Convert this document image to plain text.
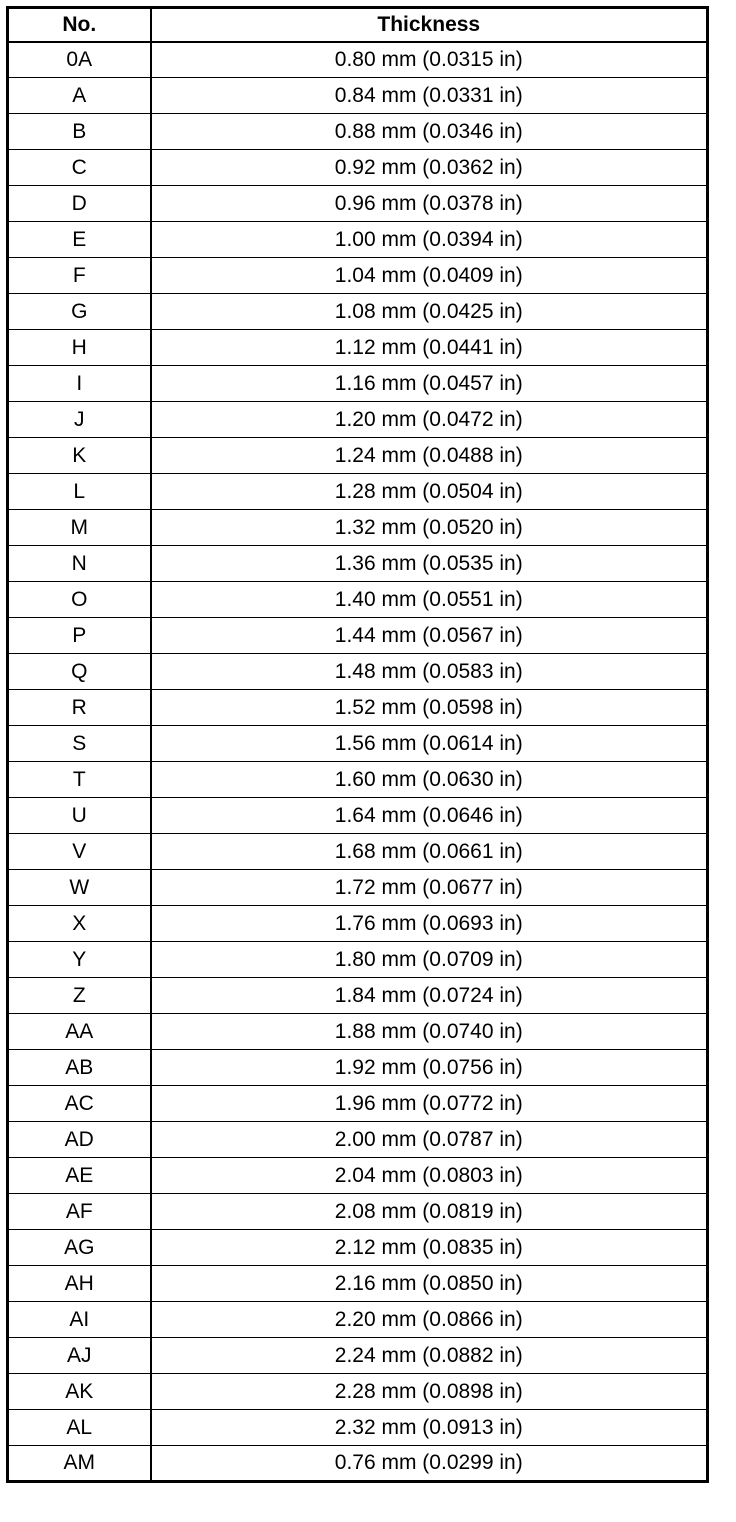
No.	Thickness
0A	0.80 mm (0.0315 in)
A	0.84 mm (0.0331 in)
B	0.88 mm (0.0346 in)
C	0.92 mm (0.0362 in)
D	0.96 mm (0.0378 in)
E	1.00 mm (0.0394 in)
F	1.04 mm (0.0409 in)
G	1.08 mm (0.0425 in)
H	1.12 mm (0.0441 in)
I	1.16 mm (0.0457 in)
J	1.20 mm (0.0472 in)
K	1.24 mm (0.0488 in)
L	1.28 mm (0.0504 in)
M	1.32 mm (0.0520 in)
N	1.36 mm (0.0535 in)
O	1.40 mm (0.0551 in)
P	1.44 mm (0.0567 in)
Q	1.48 mm (0.0583 in)
R	1.52 mm (0.0598 in)
S	1.56 mm (0.0614 in)
T	1.60 mm (0.0630 in)
U	1.64 mm (0.0646 in)
V	1.68 mm (0.0661 in)
W	1.72 mm (0.0677 in)
X	1.76 mm (0.0693 in)
Y	1.80 mm (0.0709 in)
Z	1.84 mm (0.0724 in)
AA	1.88 mm (0.0740 in)
AB	1.92 mm (0.0756 in)
AC	1.96 mm (0.0772 in)
AD	2.00 mm (0.0787 in)
AE	2.04 mm (0.0803 in)
AF	2.08 mm (0.0819 in)
AG	2.12 mm (0.0835 in)
AH	2.16 mm (0.0850 in)
AI	2.20 mm (0.0866 in)
AJ	2.24 mm (0.0882 in)
AK	2.28 mm (0.0898 in)
AL	2.32 mm (0.0913 in)
AM	0.76 mm (0.0299 in)
